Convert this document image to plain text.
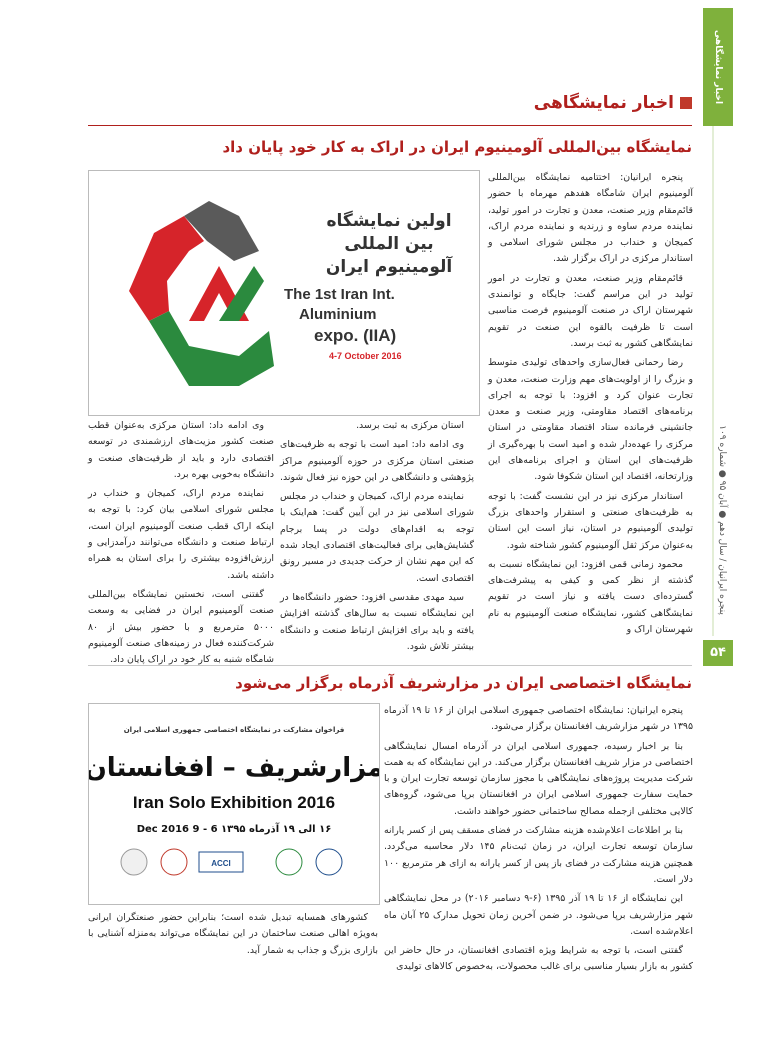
اخبار نمایشگاهی
پنجره ایرانیان / سال دهم ● آبان ۹۵ ● شماره ۱۰۹
۵۴
اخبار نمایشگاهی
نمایشگاه بین‌المللی آلومینیوم ایران در اراک به کار خود پایان داد

پنجره ایرانیان: اختتامیه نمایشگاه بین‌المللی آلومینیوم ایران شامگاه هفدهم مهرماه با حضور قائم‌مقام وزیر صنعت، معدن و تجارت در امور تولید، نماینده مردم ساوه و زرندیه و نماینده مردم اراک، کمیجان و خنداب در مجلس شورای اسلامی و استاندار مرکزی در اراک برگزار شد.

قائم‌مقام وزیر صنعت، معدن و تجارت در امور تولید در این مراسم گفت: جایگاه و توانمندی شهرستان اراک در صنعت آلومینیوم فرصت مناسبی است تا ظرفیت بالقوه این صنعت در تقویم نمایشگاهی کشور به ثبت برسد.

رضا رحمانی فعال‌سازی واحدهای تولیدی متوسط و بزرگ را از اولویت‌های مهم وزارت صنعت، معدن و تجارت عنوان کرد و افزود: با توجه به اجرای برنامه‌های اقتصاد مقاومتی، وزیر صنعت و معدن جانشینی فرمانده ستاد اقتصاد مقاومتی در استان مرکزی را عهده‌دار شده و امید است با بهره‌گیری از ظرفیت‌های این استان و اجرای برنامه‌های این وزارتخانه، اقتصاد این استان شکوفا شود.

استاندار مرکزی نیز در این نشست گفت: با توجه به ظرفیت‌های صنعتی و استقرار واحدهای بزرگ تولیدی آلومینیوم در استان، نیاز است این استان به‌عنوان مرکز ثقل آلومینیوم کشور شناخته شود.

محمود زمانی قمی افزود: این نمایشگاه نسبت به گذشته از نظر کمی و کیفی به پیشرفت‌های گسترده‌ای دست یافته و نیاز است در تقویم نمایشگاهی کشور، نمایشگاه صنعت آلومینیوم به نام شهرستان اراک و

اولین نمایشگاه
بین المللی
آلومینیوم ایران
The 1st Iran Int.
Aluminium
expo. (IIA)
4-7 October 2016

استان مرکزی به ثبت برسد.

وی ادامه داد: امید است با توجه به ظرفیت‌های صنعتی استان مرکزی در حوزه آلومینیوم مراکز پژوهشی و دانشگاهی در این حوزه نیز فعال شوند.

نماینده مردم اراک، کمیجان و خنداب در مجلس شورای اسلامی نیز در این آیین گفت: هم‌اینک با توجه به اقدام‌های دولت در پسا برجام گشایش‌هایی برای فعالیت‌های اقتصادی ایجاد شده که این مهم نشان از حرکت جدیدی در مسیر رونق اقتصادی است.

سید مهدی مقدسی افزود: حضور دانشگاه‌ها در این نمایشگاه نسبت به سال‌های گذشته افزایش یافته و باید برای افزایش ارتباط صنعت و دانشگاه بیشتر تلاش شود.

وی ادامه داد: استان مرکزی به‌عنوان قطب صنعت کشور مزیت‌های ارزشمندی در توسعه اقتصادی دارد و باید از ظرفیت‌های صنعت و دانشگاه به‌خوبی بهره برد.

نماینده مردم اراک، کمیجان و خنداب در مجلس شورای اسلامی بیان کرد: با توجه به اینکه اراک قطب صنعت آلومینیوم ایران است، ارتباط صنعت و دانشگاه می‌توانند درآمدزایی و ارزش‌افزوده بیشتری را برای استان به همراه داشته باشد.

گفتنی است، نخستین نمایشگاه بین‌المللی صنعت آلومینیوم ایران در فضایی به وسعت ۵۰۰۰ مترمربع و با حضور بیش از ۸۰ شرکت‌کننده فعال در زمینه‌های صنعت آلومینیوم شامگاه شنبه به کار خود در اراک پایان داد.

نمایشگاه اختصاصی ایران در مزارشریف آذرماه برگزار می‌شود

پنجره ایرانیان: نمایشگاه اختصاصی جمهوری اسلامی ایران از ۱۶ تا ۱۹ آذرماه ۱۳۹۵ در شهر مزارشریف افغانستان برگزار می‌شود.

بنا بر اخبار رسیده، جمهوری اسلامی ایران در آذرماه امسال نمایشگاهی اختصاصی در مزار شریف افغانستان برگزار می‌کند. در این نمایشگاه که به همت شرکت مدیریت پروژه‌های نمایشگاهی با مجوز سازمان توسعه تجارت ایران و با حمایت سفارت جمهوری اسلامی ایران در افغانستان برپا می‌شود، گروه‌های کالایی مختلفی ازجمله مصالح ساختمانی حضور خواهند داشت.

بنا بر اطلاعات اعلام‌شده هزینه مشارکت در فضای مسقف پس از کسر یارانه سازمان توسعه تجارت ایران، در زمان ثبت‌نام ۱۴۵ دلار محاسبه می‌گردد. همچنین هزینه مشارکت در فضای باز پس از کسر یارانه به ازای هر مترمربع ۱۰۰ دلار است.

این نمایشگاه از ۱۶ تا ۱۹ آذر ۱۳۹۵ (۶-۹ دسامبر ۲۰۱۶) در محل نمایشگاهی شهر مزارشریف برپا می‌شود. در ضمن آخرین زمان تحویل مدارک ۲۵ آبان ماه اعلام‌شده است.

گفتنی است، با توجه به شرایط ویژه اقتصادی افغانستان، در حال حاضر این کشور به بازار بسیار مناسبی برای غالب محصولات، به‌خصوص کالاهای تولیدی

فراخوان مشارکت در نمایشگاه اختصاصی جمهوری اسلامی ایران
مزارشریف – افغانستان
۱۶ الی ۱۹ آذرماه ۱۳۹۵ 6 - 9 Dec 2016
Iran Solo Exhibition 2016
ACCI

کشورهای همسایه تبدیل شده است؛ بنابراین حضور صنعتگران ایرانی به‌ویژه اهالی صنعت ساختمان در این نمایشگاه می‌تواند به‌منزله آشنایی با بازاری بزرگ و جذاب به شمار آید.
